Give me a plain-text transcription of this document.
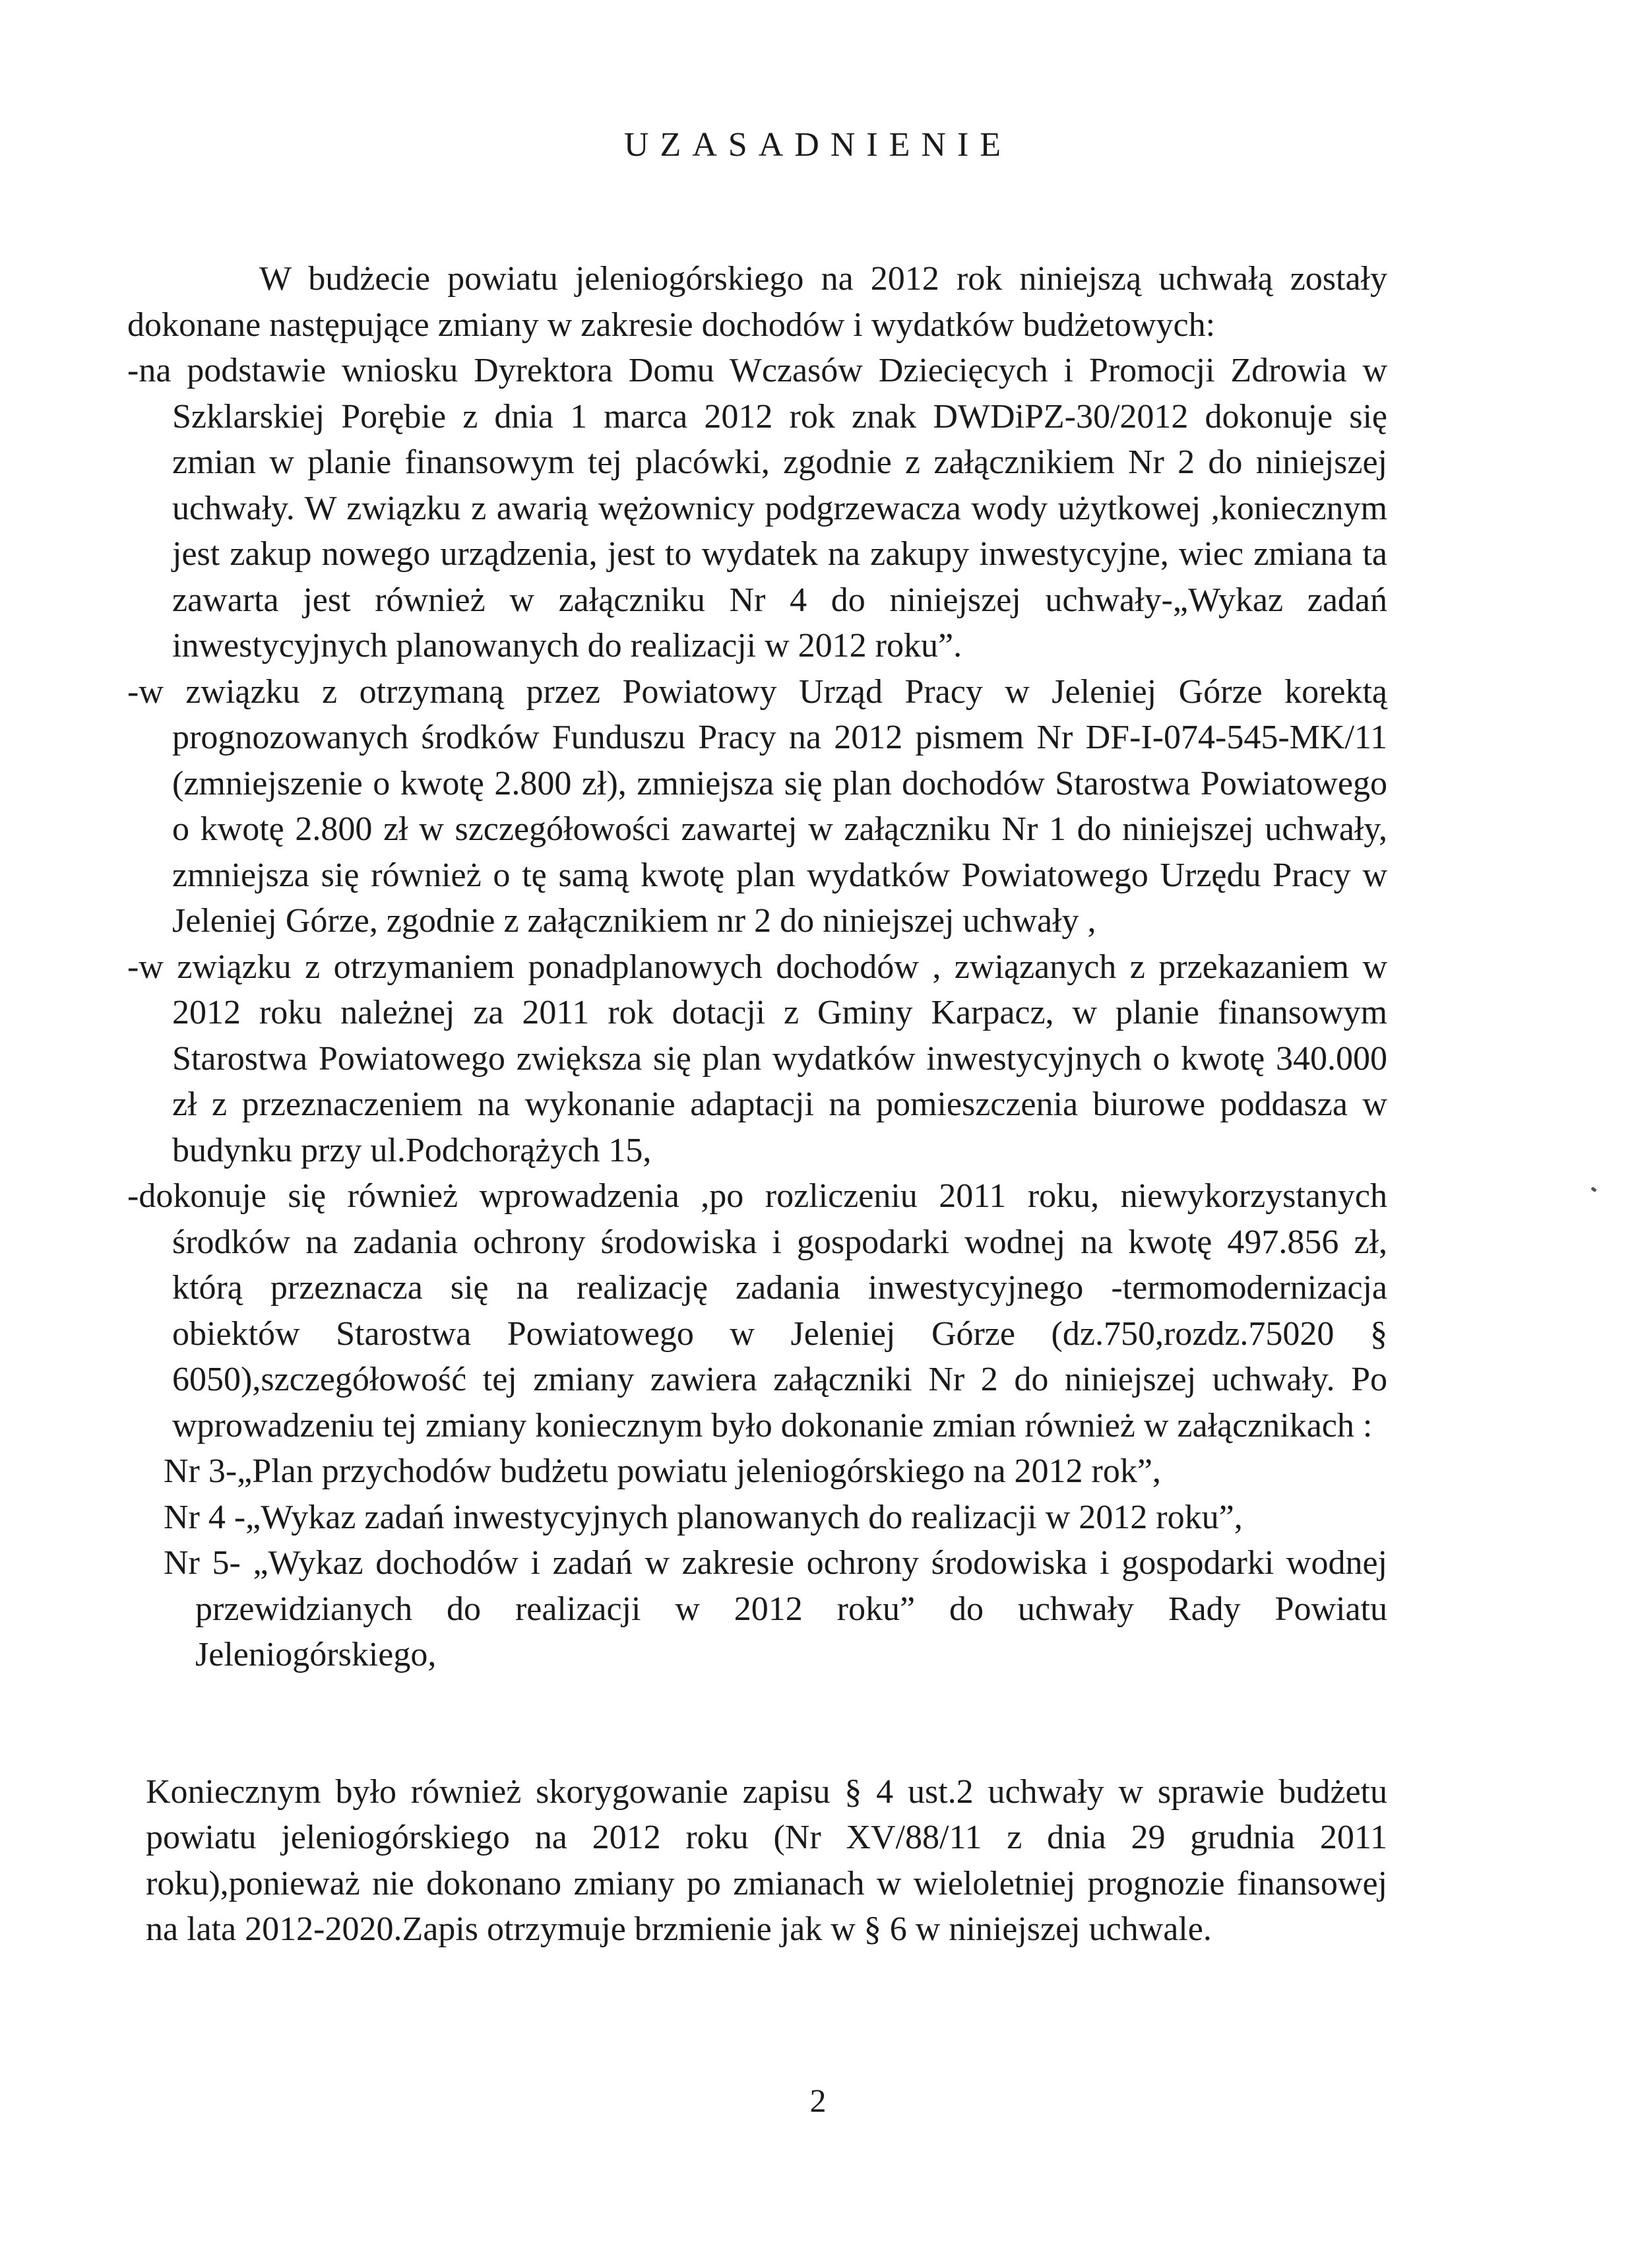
UZASADNIENIE

W budżecie powiatu jeleniogórskiego na 2012 rok niniejszą uchwałą zostały dokonane następujące zmiany w zakresie dochodów i wydatków budżetowych:

-na podstawie wniosku Dyrektora Domu Wczasów Dziecięcych i Promocji Zdrowia w Szklarskiej Porębie z dnia 1 marca 2012 rok znak DWDiPZ-30/2012 dokonuje się zmian w planie finansowym tej placówki, zgodnie z załącznikiem Nr 2 do niniejszej uchwały. W związku z awarią wężownicy podgrzewacza wody użytkowej ,koniecznym jest zakup nowego urządzenia, jest to wydatek na zakupy inwestycyjne, wiec zmiana ta zawarta jest również w załączniku Nr 4 do niniejszej uchwały-„Wykaz zadań inwestycyjnych planowanych do realizacji w 2012 roku”.

-w związku z otrzymaną przez Powiatowy Urząd Pracy w Jeleniej Górze korektą prognozowanych środków Funduszu Pracy na 2012 pismem Nr DF-I-074-545-MK/11 (zmniejszenie o kwotę 2.800 zł), zmniejsza się plan dochodów Starostwa Powiatowego o kwotę 2.800 zł w szczegółowości zawartej w załączniku Nr 1 do niniejszej uchwały, zmniejsza się również o tę samą kwotę plan wydatków Powiatowego Urzędu Pracy w Jeleniej Górze, zgodnie z załącznikiem nr 2 do niniejszej uchwały ,

-w związku z otrzymaniem ponadplanowych dochodów , związanych z przekazaniem w 2012 roku należnej za 2011 rok dotacji z Gminy Karpacz, w planie finansowym Starostwa Powiatowego zwiększa się plan wydatków inwestycyjnych o kwotę 340.000 zł z przeznaczeniem na wykonanie adaptacji na pomieszczenia biurowe poddasza w budynku przy ul.Podchorążych 15,

-dokonuje się również wprowadzenia ,po rozliczeniu 2011 roku, niewykorzystanych środków na zadania ochrony środowiska i gospodarki wodnej na kwotę 497.856 zł, którą przeznacza się na realizację zadania inwestycyjnego -termomodernizacja obiektów Starostwa Powiatowego w Jeleniej Górze (dz.750,rozdz.75020 § 6050),szczegółowość tej zmiany zawiera załączniki Nr 2 do niniejszej uchwały. Po wprowadzeniu tej zmiany koniecznym było dokonanie zmian również w załącznikach :

Nr 3-„Plan przychodów budżetu powiatu jeleniogórskiego na 2012 rok”,

Nr 4 -„Wykaz zadań inwestycyjnych planowanych do realizacji w 2012 roku”,

Nr 5- „Wykaz dochodów i zadań w zakresie ochrony środowiska i gospodarki wodnej przewidzianych do realizacji w 2012 roku” do uchwały Rady Powiatu Jeleniogórskiego,

Koniecznym było również skorygowanie zapisu § 4 ust.2 uchwały w sprawie budżetu powiatu jeleniogórskiego na 2012 roku (Nr XV/88/11 z dnia 29 grudnia 2011 roku),ponieważ nie dokonano zmiany po zmianach w wieloletniej prognozie finansowej na lata 2012-2020.Zapis otrzymuje brzmienie jak w § 6 w niniejszej uchwale.

2
